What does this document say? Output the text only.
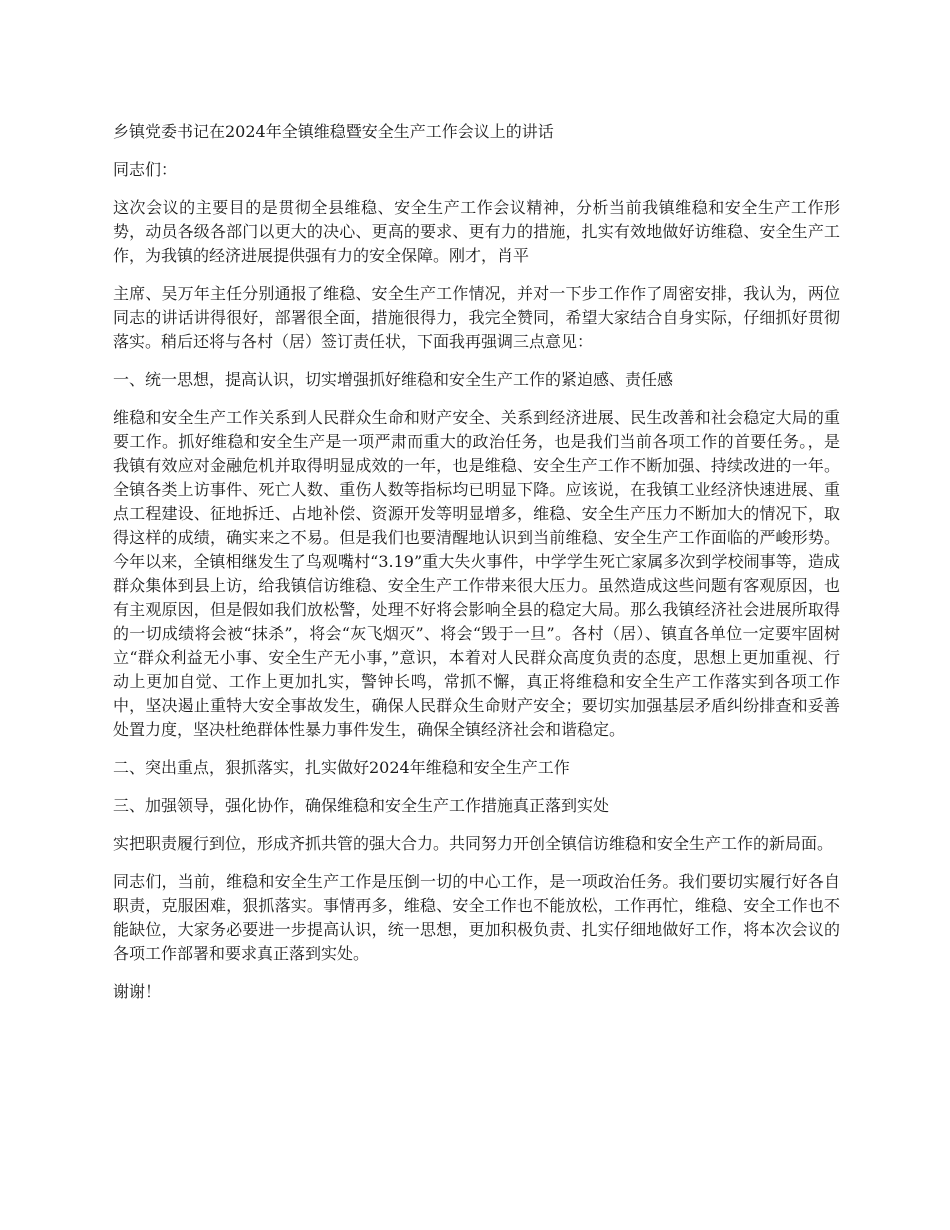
乡镇党委书记在2024年全镇维稳暨安全生产工作会议上的讲话

同志们：

这次会议的主要目的是贯彻全县维稳、安全生产工作会议精神，分析当前我镇维稳和安全生产工作形势，动员各级各部门以更大的决心、更高的要求、更有力的措施，扎实有效地做好访维稳、安全生产工作，为我镇的经济进展提供强有力的安全保障。刚才，肖平

主席、吴万年主任分别通报了维稳、安全生产工作情况，并对一下步工作作了周密安排，我认为，两位同志的讲话讲得很好，部署很全面，措施很得力，我完全赞同，希望大家结合自身实际，仔细抓好贯彻落实。稍后还将与各村（居）签订责任状，下面我再强调三点意见：

一、统一思想，提高认识，切实增强抓好维稳和安全生产工作的紧迫感、责任感

维稳和安全生产工作关系到人民群众生命和财产安全、关系到经济进展、民生改善和社会稳定大局的重要工作。抓好维稳和安全生产是一项严肃而重大的政治任务，也是我们当前各项工作的首要任务。，是我镇有效应对金融危机并取得明显成效的一年，也是维稳、安全生产工作不断加强、持续改进的一年。全镇各类上访事件、死亡人数、重伤人数等指标均已明显下降。应该说，在我镇工业经济快速进展、重点工程建设、征地拆迁、占地补偿、资源开发等明显增多，维稳、安全生产压力不断加大的情况下，取得这样的成绩，确实来之不易。但是我们也要清醒地认识到当前维稳、安全生产工作面临的严峻形势。今年以来，全镇相继发生了鸟观嘴村“3.19”重大失火事件，中学学生死亡家属多次到学校闹事等，造成群众集体到县上访，给我镇信访维稳、安全生产工作带来很大压力。虽然造成这些问题有客观原因，也有主观原因，但是假如我们放松警，处理不好将会影响全县的稳定大局。那么我镇经济社会进展所取得的一切成绩将会被“抹杀”，将会“灰飞烟灭”、将会“毁于一旦”。各村（居）、镇直各单位一定要牢固树立“群众利益无小事、安全生产无小事，”意识，本着对人民群众高度负责的态度，思想上更加重视、行动上更加自觉、工作上更加扎实，警钟长鸣，常抓不懈，真正将维稳和安全生产工作落实到各项工作中，坚决遏止重特大安全事故发生，确保人民群众生命财产安全；要切实加强基层矛盾纠纷排查和妥善处置力度，坚决杜绝群体性暴力事件发生，确保全镇经济社会和谐稳定。

二、突出重点，狠抓落实，扎实做好2024年维稳和安全生产工作

三、加强领导，强化协作，确保维稳和安全生产工作措施真正落到实处

实把职责履行到位，形成齐抓共管的强大合力。共同努力开创全镇信访维稳和安全生产工作的新局面。

同志们，当前，维稳和安全生产工作是压倒一切的中心工作，是一项政治任务。我们要切实履行好各自职责，克服困难，狠抓落实。事情再多，维稳、安全工作也不能放松，工作再忙，维稳、安全工作也不能缺位，大家务必要进一步提高认识，统一思想，更加积极负责、扎实仔细地做好工作，将本次会议的各项工作部署和要求真正落到实处。

谢谢！
